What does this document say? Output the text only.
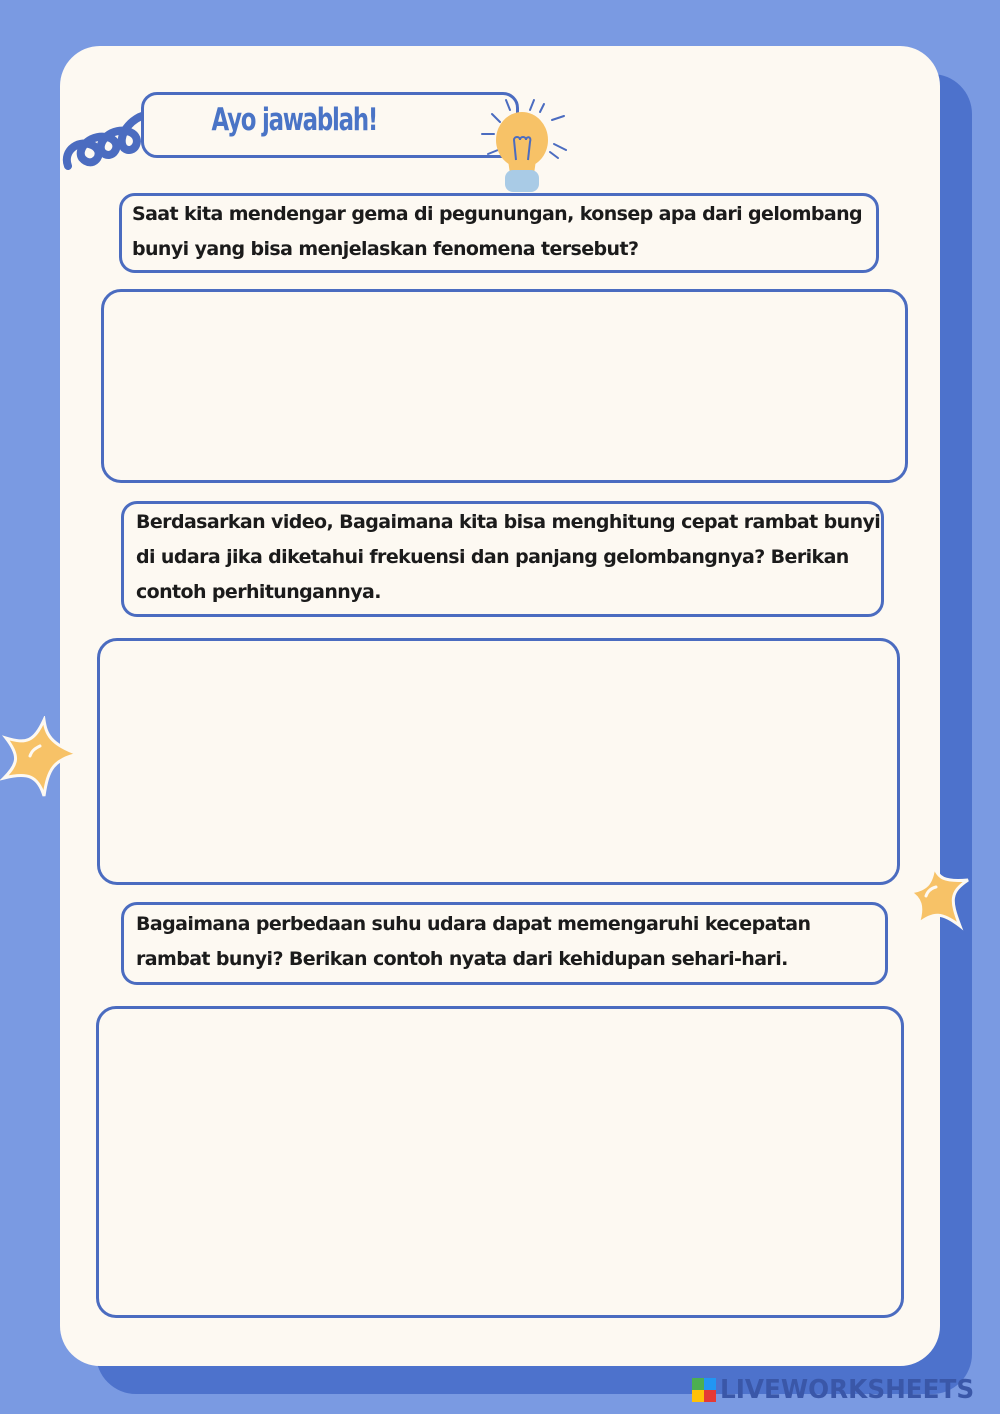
Ayo jawablah!
Saat kita mendengar gema di pegunungan, konsep apa dari gelombang
bunyi yang bisa menjelaskan fenomena tersebut?
Berdasarkan video, Bagaimana kita bisa menghitung cepat rambat bunyi
di udara jika diketahui frekuensi dan panjang gelombangnya? Berikan
contoh perhitungannya.
Bagaimana perbedaan suhu udara dapat memengaruhi kecepatan
rambat bunyi? Berikan contoh nyata dari kehidupan sehari-hari.
LIVEWORKSHEETS
